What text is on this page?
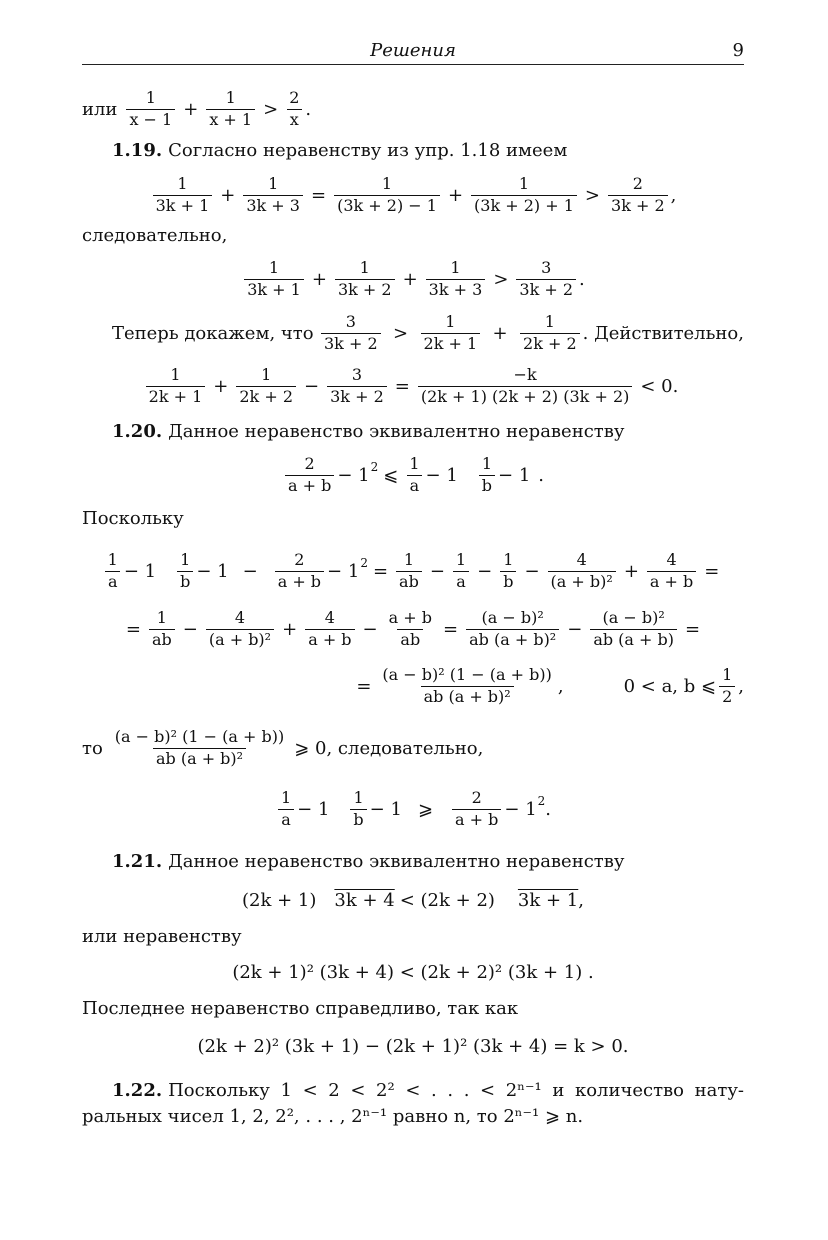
Решения	9
или $\frac{1}{x - 1} + \frac{1}{x + 1} > \frac{2}{x}$ .
1.19. Согласно неравенству из упр. 1.18 имеем
$\frac{1}{3k + 1} + \frac{1}{3k + 3} = \frac{1}{(3k + 2) - 1} + \frac{1}{(3k + 2) + 1} > \frac{2}{3k + 2}$ ,
следовательно,
$\frac{1}{3k + 1} + \frac{1}{3k + 2} + \frac{1}{3k + 3} > \frac{3}{3k + 2}$ .
Теперь докажем, что $\frac{3}{3k + 2} > \frac{1}{2k + 1} + \frac{1}{2k + 2}$ . Действительно,
$\frac{1}{2k + 1} + \frac{1}{2k + 2} - \frac{3}{3k + 2} = \frac{-k}{(2k + 1) (2k + 2) (3k + 2)} < 0$.
1.20. Данное неравенство эквивалентно неравенству
$\frac{2}{a + b} - 1$ 2 ⩽ $\frac{1}{a} - 1 \frac{1}{b} - 1$ .
Поскольку
$\frac{1}{a} - 1 \frac{1}{b} - 1 - \frac{2}{a + b} - 1$ $2 = \frac{1}{ab} - \frac{1}{a} - \frac{1}{b} - \frac{4}{\text{(a + b)²}} + \frac{4}{a + b}$ =
= $\frac{1}{ab} - \frac{4}{\text{(a + b)²}} + \frac{4}{a + b} - \frac{a + b}{ab} = \frac{\text{(a − b)²}}{\text{ab (a + b)²}} - \frac{\text{(a − b)²}}{ab (a + b)}$ =
= $\frac{\text{(a − b)² (1 − (a + b))}}{\text{ab (a + b)²}}$ ,	0 < a, b ⩽ $\frac{1}{2}$ ,
то $\frac{\text{(a − b)² (1 − (a + b))}}{\text{ab (a + b)²}}$ ⩾ 0, следовательно,
$\frac{1}{a} - 1 \frac{1}{b} - 1$ ⩾ $\frac{2}{a + b} - 1$ 2 .
1.21. Данное неравенство эквивалентно неравенству
(2k + 1) 3k + 4 < (2k + 2) 3k + 1 ,
или неравенству
(2k + 1)² (3k + 4) < (2k + 2)² (3k + 1) .
Последнее неравенство справедливо, так как
(2k + 2)² (3k + 1) − (2k + 1)² (3k + 4) = k > 0.
1.22. Поскольку 1 < 2 < 2² < . . . < 2ⁿ⁻¹ и количество нату-
ральных чисел 1, 2, 2², . . . , 2ⁿ⁻¹ равно n, то 2ⁿ⁻¹ ⩾ n.
